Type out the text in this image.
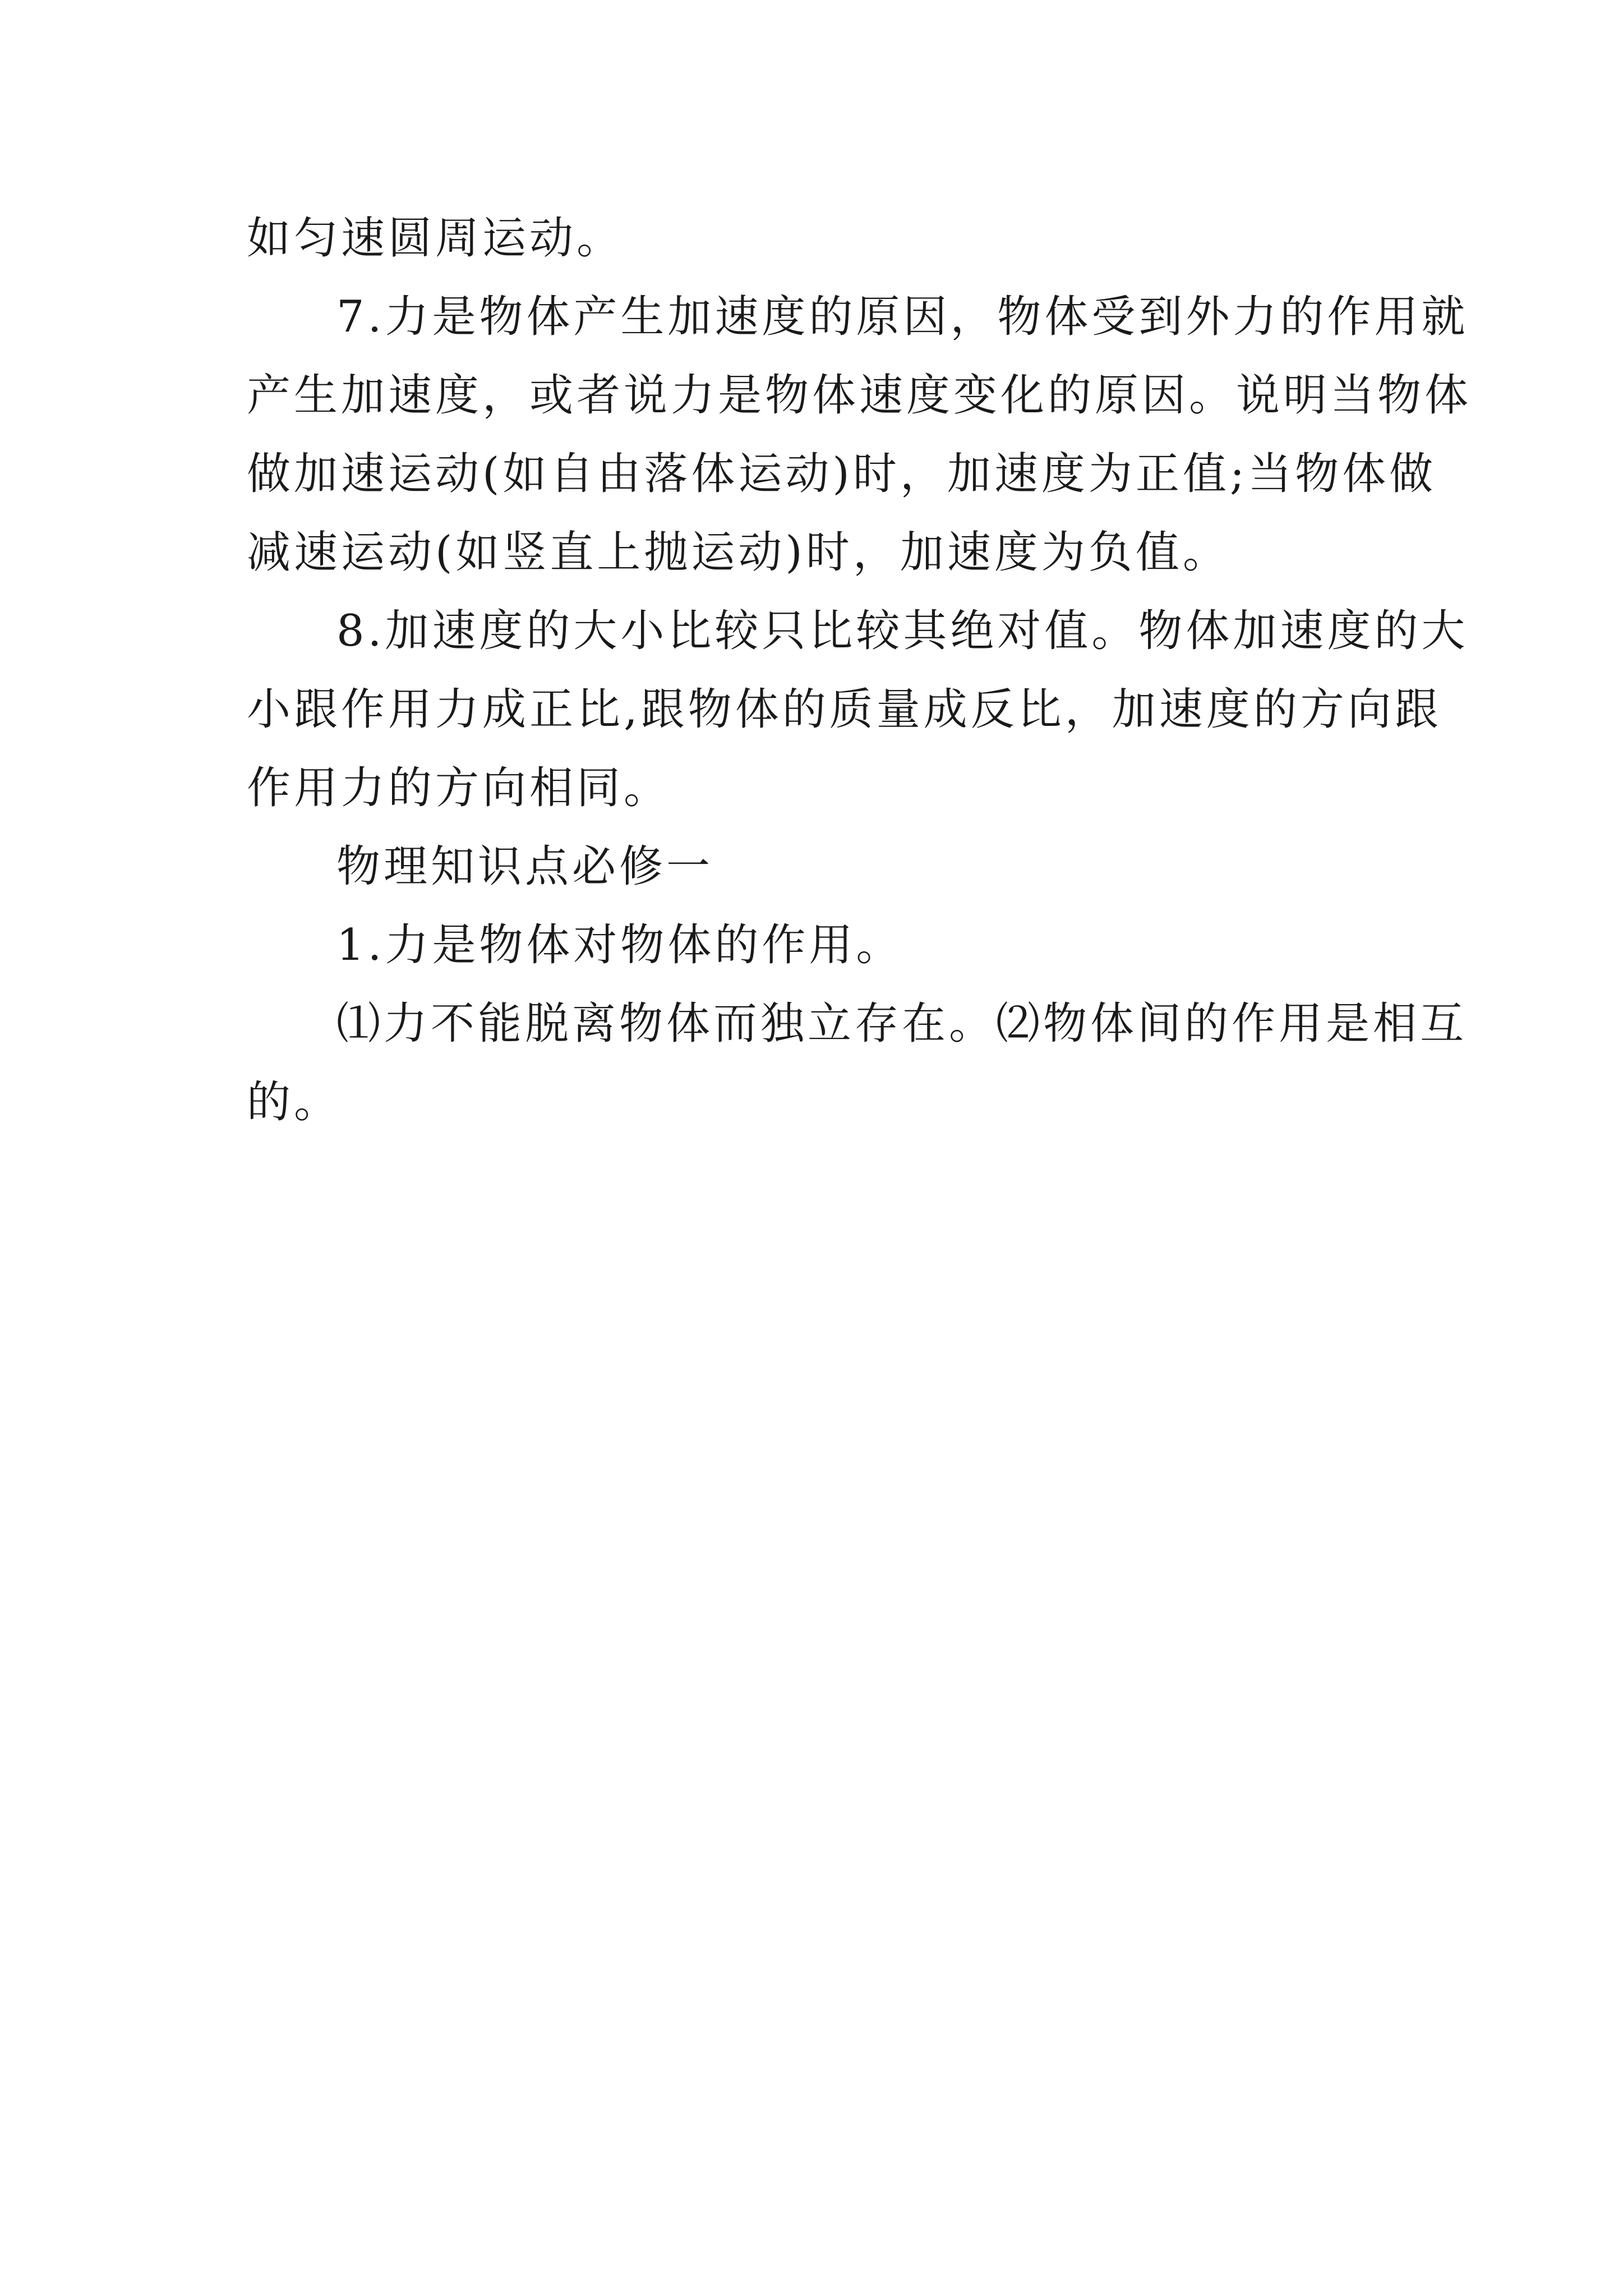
如匀速圆周运动。
7.力是物体产生加速度的原因，物体受到外力的作用就
产生加速度，或者说力是物体速度变化的原因。说明当物体
做加速运动(如自由落体运动)时，加速度为正值;当物体做
减速运动(如竖直上抛运动)时，加速度为负值。
8.加速度的大小比较只比较其绝对值。物体加速度的大
小跟作用力成正比,跟物体的质量成反比，加速度的方向跟
作用力的方向相同。
物理知识点必修一
1.力是物体对物体的作用。
⑴力不能脱离物体而独立存在。⑵物体间的作用是相互
的。
